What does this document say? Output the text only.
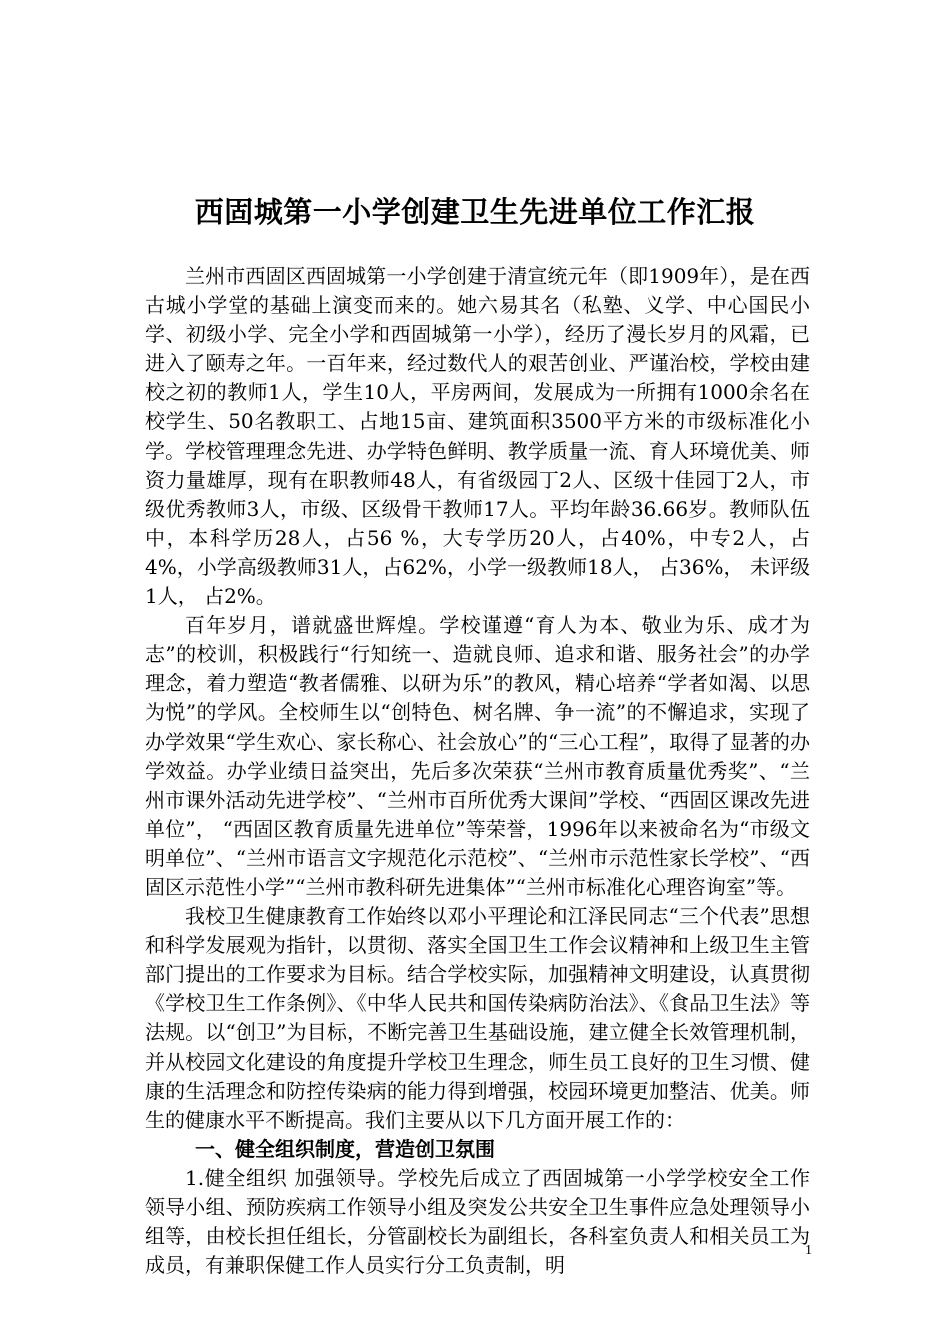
西固城第一小学创建卫生先进单位工作汇报

兰州市西固区西固城第一小学创建于清宣统元年（即1909年），是在西古城小学堂的基础上演变而来的。她六易其名（私塾、义学、中心国民小学、初级小学、完全小学和西固城第一小学），经历了漫长岁月的风霜，已进入了颐寿之年。一百年来，经过数代人的艰苦创业、严谨治校，学校由建校之初的教师1人，学生10人，平房两间，发展成为一所拥有1000余名在校学生、50名教职工、占地15亩、建筑面积3500平方米的市级标准化小学。学校管理理念先进、办学特色鲜明、教学质量一流、育人环境优美、师资力量雄厚，现有在职教师48人，有省级园丁2人、区级十佳园丁2人，市级优秀教师3人，市级、区级骨干教师17人。平均年龄36.66岁。教师队伍中，本科学历28人，占56 %，大专学历20人，占40%，中专2人，占4%，小学高级教师31人，占62%，小学一级教师18人， 占36%， 未评级1人， 占2%。

百年岁月，谱就盛世辉煌。学校谨遵“育人为本、敬业为乐、成才为志”的校训，积极践行“行知统一、造就良师、追求和谐、服务社会”的办学理念，着力塑造“教者儒雅、以研为乐”的教风，精心培养“学者如渴、以思为悦”的学风。全校师生以“创特色、树名牌、争一流”的不懈追求，实现了办学效果“学生欢心、家长称心、社会放心”的“三心工程”，取得了显著的办学效益。办学业绩日益突出，先后多次荣获“兰州市教育质量优秀奖”、“兰州市课外活动先进学校”、“兰州市百所优秀大课间”学校、“西固区课改先进单位”， “西固区教育质量先进单位”等荣誉，1996年以来被命名为“市级文明单位”、“兰州市语言文字规范化示范校”、“兰州市示范性家长学校”、“西固区示范性小学”“兰州市教科研先进集体”“兰州市标准化心理咨询室”等。

我校卫生健康教育工作始终以邓小平理论和江泽民同志“三个代表”思想和科学发展观为指针，以贯彻、落实全国卫生工作会议精神和上级卫生主管部门提出的工作要求为目标。结合学校实际，加强精神文明建设，认真贯彻《学校卫生工作条例》、《中华人民共和国传染病防治法》、《食品卫生法》等法规。以“创卫”为目标，不断完善卫生基础设施，建立健全长效管理机制，并从校园文化建设的角度提升学校卫生理念，师生员工良好的卫生习惯、健康的生活理念和防控传染病的能力得到增强，校园环境更加整洁、优美。师生的健康水平不断提高。我们主要从以下几方面开展工作的：

一、健全组织制度，营造创卫氛围

1.健全组织 加强领导。学校先后成立了西固城第一小学学校安全工作领导小组、预防疾病工作领导小组及突发公共安全卫生事件应急处理领导小组等，由校长担任组长，分管副校长为副组长，各科室负责人和相关员工为成员，有兼职保健工作人员实行分工负责制，明

1
